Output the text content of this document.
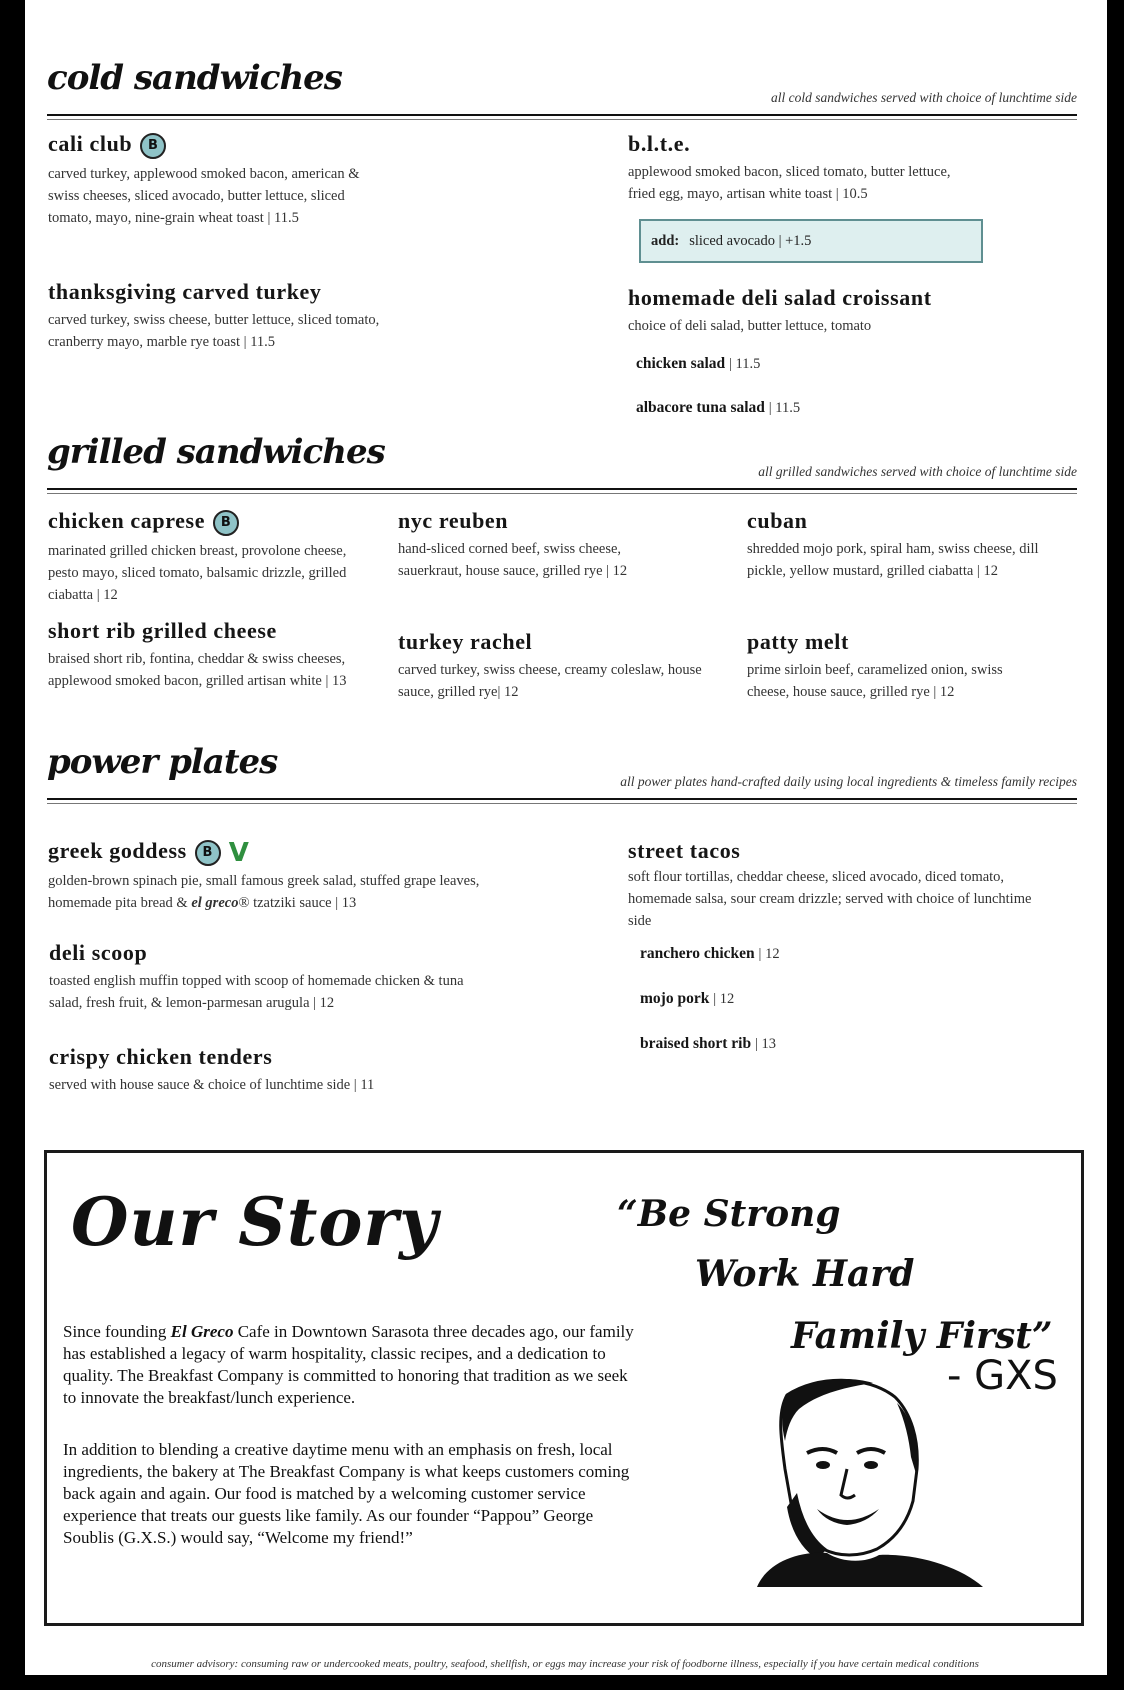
cold sandwiches	all cold sandwiches served with choice of lunchtime side
cali club B
carved turkey, applewood smoked bacon, american & swiss cheeses, sliced avocado, butter lettuce, sliced tomato, mayo, nine-grain wheat toast | 11.5
thanksgiving carved turkey
carved turkey, swiss cheese, butter lettuce, sliced tomato, cranberry mayo, marble rye toast | 11.5
b.l.t.e.
applewood smoked bacon, sliced tomato, butter lettuce, fried egg, mayo, artisan white toast | 10.5
add: sliced avocado | +1.5
homemade deli salad croissant
choice of deli salad, butter lettuce, tomato
chicken salad | 11.5
albacore tuna salad | 11.5
grilled sandwiches	all grilled sandwiches served with choice of lunchtime side
chicken caprese B
marinated grilled chicken breast, provolone cheese, pesto mayo, sliced tomato, balsamic drizzle, grilled ciabatta | 12
nyc reuben
hand-sliced corned beef, swiss cheese, sauerkraut, house sauce, grilled rye | 12
cuban
shredded mojo pork, spiral ham, swiss cheese, dill pickle, yellow mustard, grilled ciabatta | 12
short rib grilled cheese
braised short rib, fontina, cheddar & swiss cheeses, applewood smoked bacon, grilled artisan white | 13
turkey rachel
carved turkey, swiss cheese, creamy coleslaw, house sauce, grilled rye| 12
patty melt
prime sirloin beef, caramelized onion, swiss cheese, house sauce, grilled rye | 12
power plates	all power plates hand-crafted daily using local ingredients & timeless family recipes
greek goddess B V
golden-brown spinach pie, small famous greek salad, stuffed grape leaves, homemade pita bread & el greco® tzatziki sauce | 13
deli scoop
toasted english muffin topped with scoop of homemade chicken & tuna salad, fresh fruit, & lemon-parmesan arugula | 12
crispy chicken tenders
served with house sauce & choice of lunchtime side | 11
street tacos
soft flour tortillas, cheddar cheese, sliced avocado, diced tomato, homemade salsa, sour cream drizzle; served with choice of lunchtime side
ranchero chicken | 12
mojo pork | 12
braised short rib | 13
Our Story
Since founding El Greco Cafe in Downtown Sarasota three decades ago, our family has established a legacy of warm hospitality, classic recipes, and a dedication to quality. The Breakfast Company is committed to honoring that tradition as we seek to innovate the breakfast/lunch experience.
In addition to blending a creative daytime menu with an emphasis on fresh, local ingredients, the bakery at The Breakfast Company is what keeps customers coming back again and again. Our food is matched by a welcoming customer service experience that treats our guests like family. As our founder “Pappou” George Soublis (G.X.S.) would say, “Welcome my friend!”
“Be Strong
Work Hard
Family First”
- GXS
consumer advisory: consuming raw or undercooked meats, poultry, seafood, shellfish, or eggs may increase your risk of foodborne illness, especially if you have certain medical conditions
